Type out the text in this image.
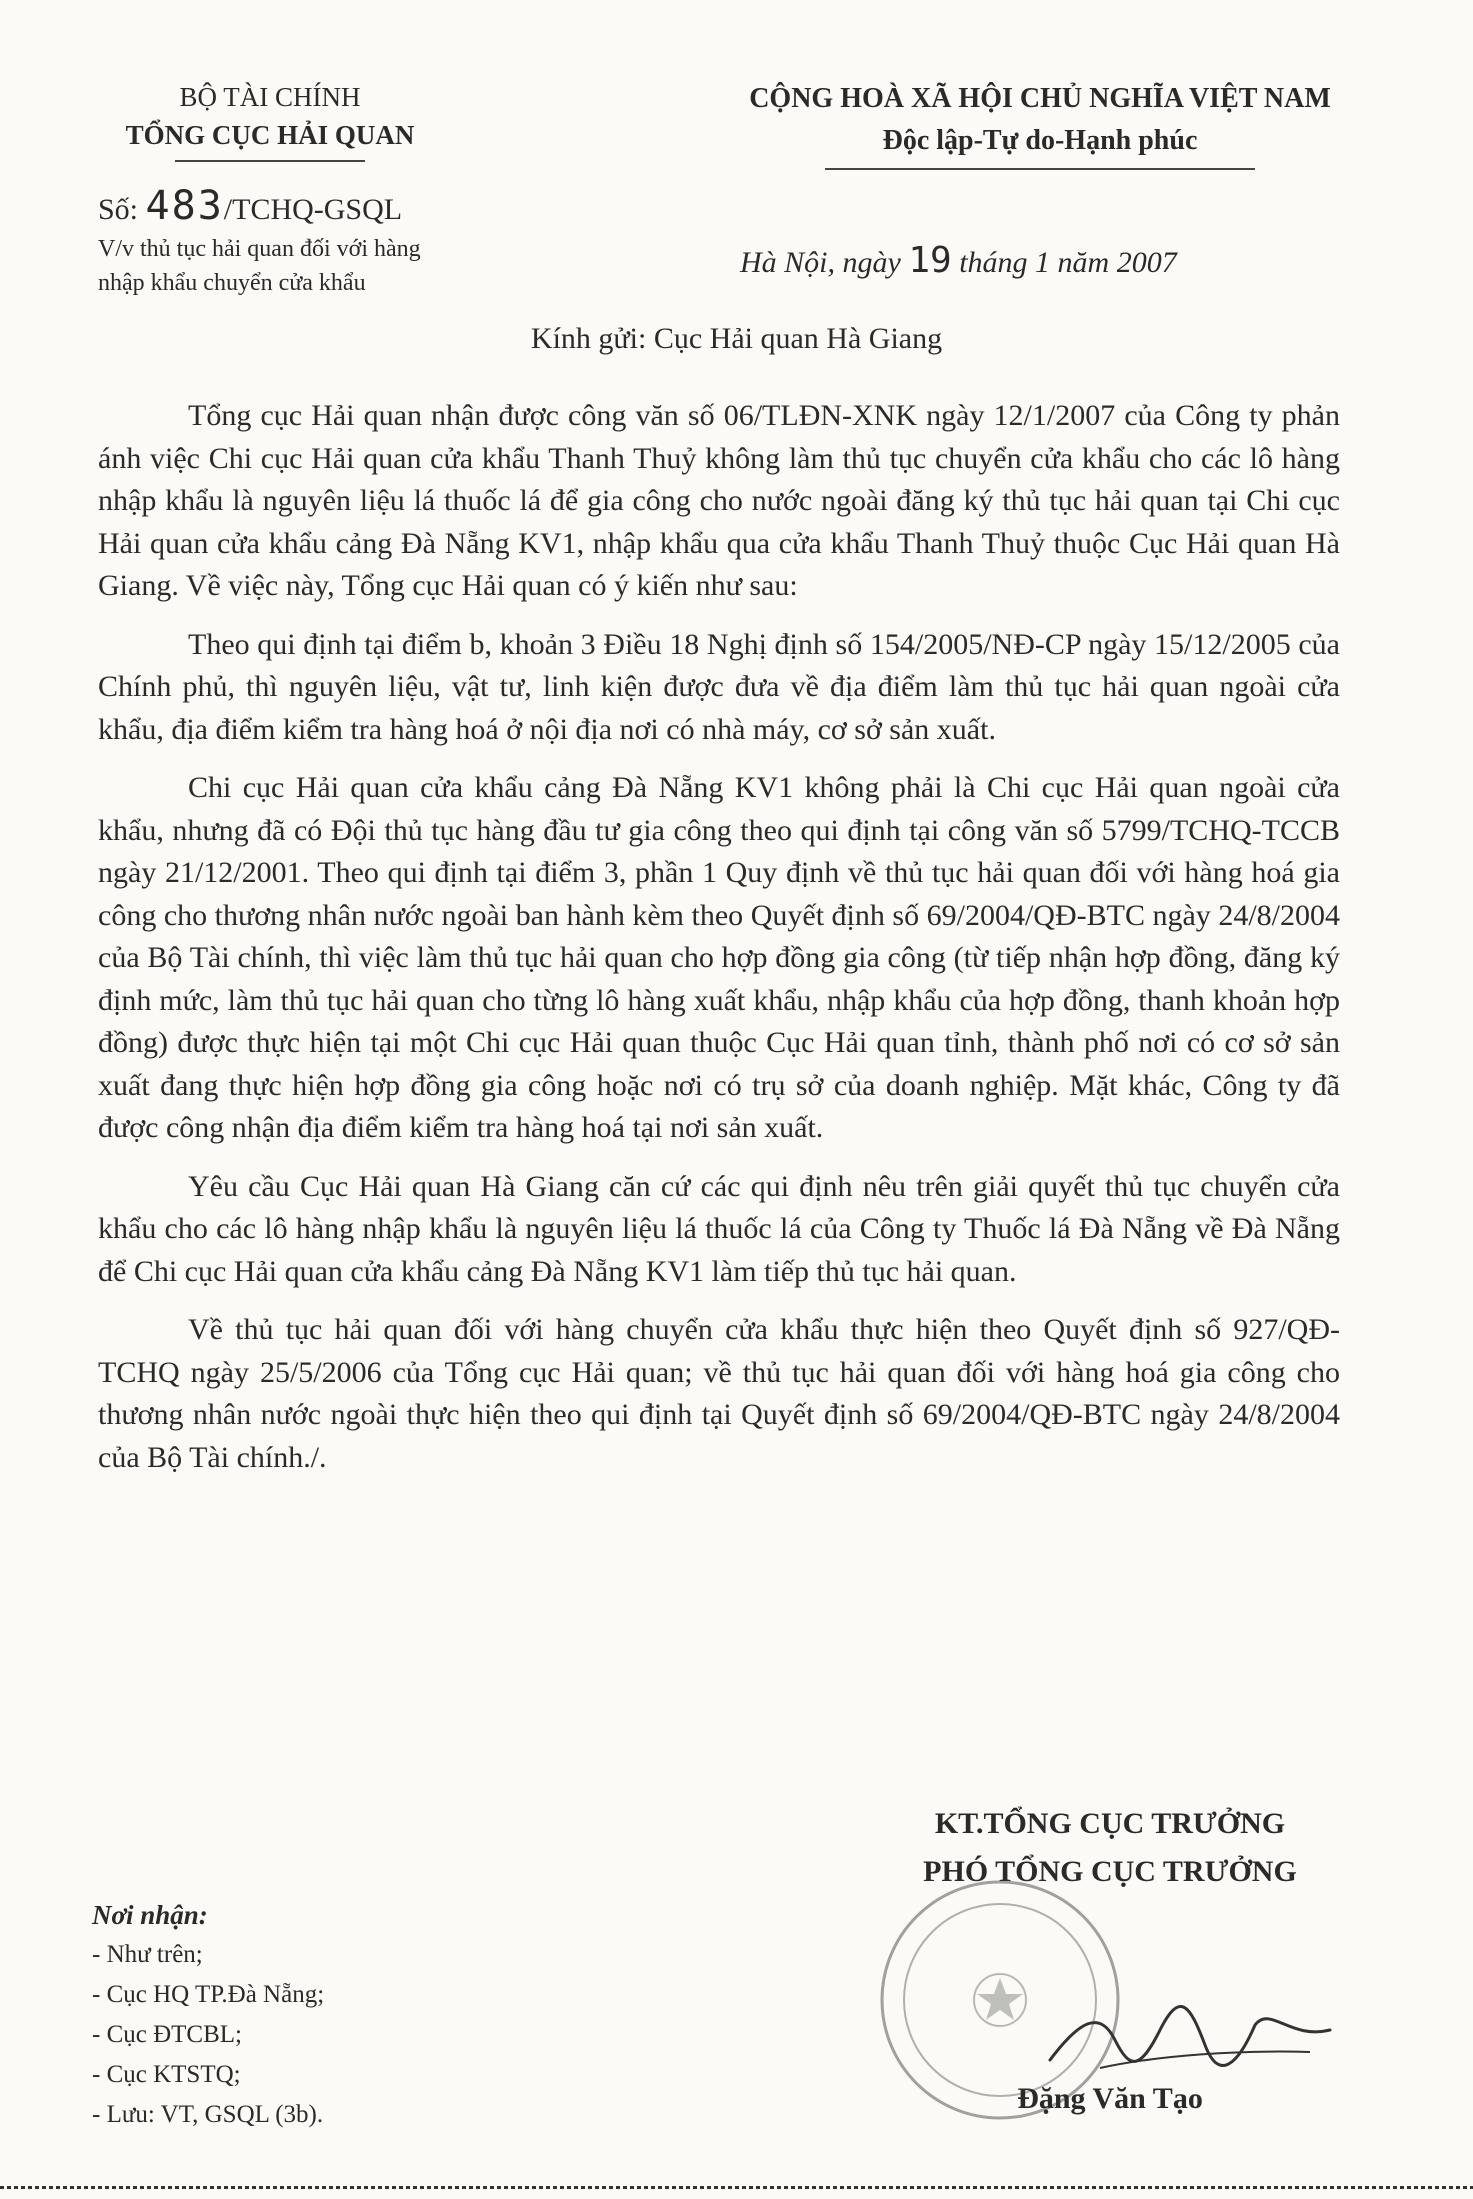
BỘ TÀI CHÍNH
TỔNG CỤC HẢI QUAN
CỘNG HOÀ XÃ HỘI CHỦ NGHĨA VIỆT NAM
Độc lập-Tự do-Hạnh phúc
Số: 483/TCHQ-GSQL
V/v thủ tục hải quan đối với hàng
nhập khẩu chuyển cửa khẩu
Hà Nội, ngày 19 tháng 1 năm 2007
Kính gửi: Cục Hải quan Hà Giang

Tổng cục Hải quan nhận được công văn số 06/TLĐN-XNK ngày 12/1/2007 của Công ty phản ánh việc Chi cục Hải quan cửa khẩu Thanh Thuỷ không làm thủ tục chuyển cửa khẩu cho các lô hàng nhập khẩu là nguyên liệu lá thuốc lá để gia công cho nước ngoài đăng ký thủ tục hải quan tại Chi cục Hải quan cửa khẩu cảng Đà Nẵng KV1, nhập khẩu qua cửa khẩu Thanh Thuỷ thuộc Cục Hải quan Hà Giang. Về việc này, Tổng cục Hải quan có ý kiến như sau:

Theo qui định tại điểm b, khoản 3 Điều 18 Nghị định số 154/2005/NĐ-CP ngày 15/12/2005 của Chính phủ, thì nguyên liệu, vật tư, linh kiện được đưa về địa điểm làm thủ tục hải quan ngoài cửa khẩu, địa điểm kiểm tra hàng hoá ở nội địa nơi có nhà máy, cơ sở sản xuất.

Chi cục Hải quan cửa khẩu cảng Đà Nẵng KV1 không phải là Chi cục Hải quan ngoài cửa khẩu, nhưng đã có Đội thủ tục hàng đầu tư gia công theo qui định tại công văn số 5799/TCHQ-TCCB ngày 21/12/2001. Theo qui định tại điểm 3, phần 1 Quy định về thủ tục hải quan đối với hàng hoá gia công cho thương nhân nước ngoài ban hành kèm theo Quyết định số 69/2004/QĐ-BTC ngày 24/8/2004 của Bộ Tài chính, thì việc làm thủ tục hải quan cho hợp đồng gia công (từ tiếp nhận hợp đồng, đăng ký định mức, làm thủ tục hải quan cho từng lô hàng xuất khẩu, nhập khẩu của hợp đồng, thanh khoản hợp đồng) được thực hiện tại một Chi cục Hải quan thuộc Cục Hải quan tỉnh, thành phố nơi có cơ sở sản xuất đang thực hiện hợp đồng gia công hoặc nơi có trụ sở của doanh nghiệp. Mặt khác, Công ty đã được công nhận địa điểm kiểm tra hàng hoá tại nơi sản xuất.

Yêu cầu Cục Hải quan Hà Giang căn cứ các qui định nêu trên giải quyết thủ tục chuyển cửa khẩu cho các lô hàng nhập khẩu là nguyên liệu lá thuốc lá của Công ty Thuốc lá Đà Nẵng về Đà Nẵng để Chi cục Hải quan cửa khẩu cảng Đà Nẵng KV1 làm tiếp thủ tục hải quan.

Về thủ tục hải quan đối với hàng chuyển cửa khẩu thực hiện theo Quyết định số 927/QĐ-TCHQ ngày 25/5/2006 của Tổng cục Hải quan; về thủ tục hải quan đối với hàng hoá gia công cho thương nhân nước ngoài thực hiện theo qui định tại Quyết định số 69/2004/QĐ-BTC ngày 24/8/2004 của Bộ Tài chính./.

KT.TỔNG CỤC TRƯỞNG
PHÓ TỔNG CỤC TRƯỞNG
Đặng Văn Tạo
Nơi nhận:
- Như trên;
- Cục HQ TP.Đà Nẵng;
- Cục ĐTCBL;
- Cục KTSTQ;
- Lưu: VT, GSQL (3b).
